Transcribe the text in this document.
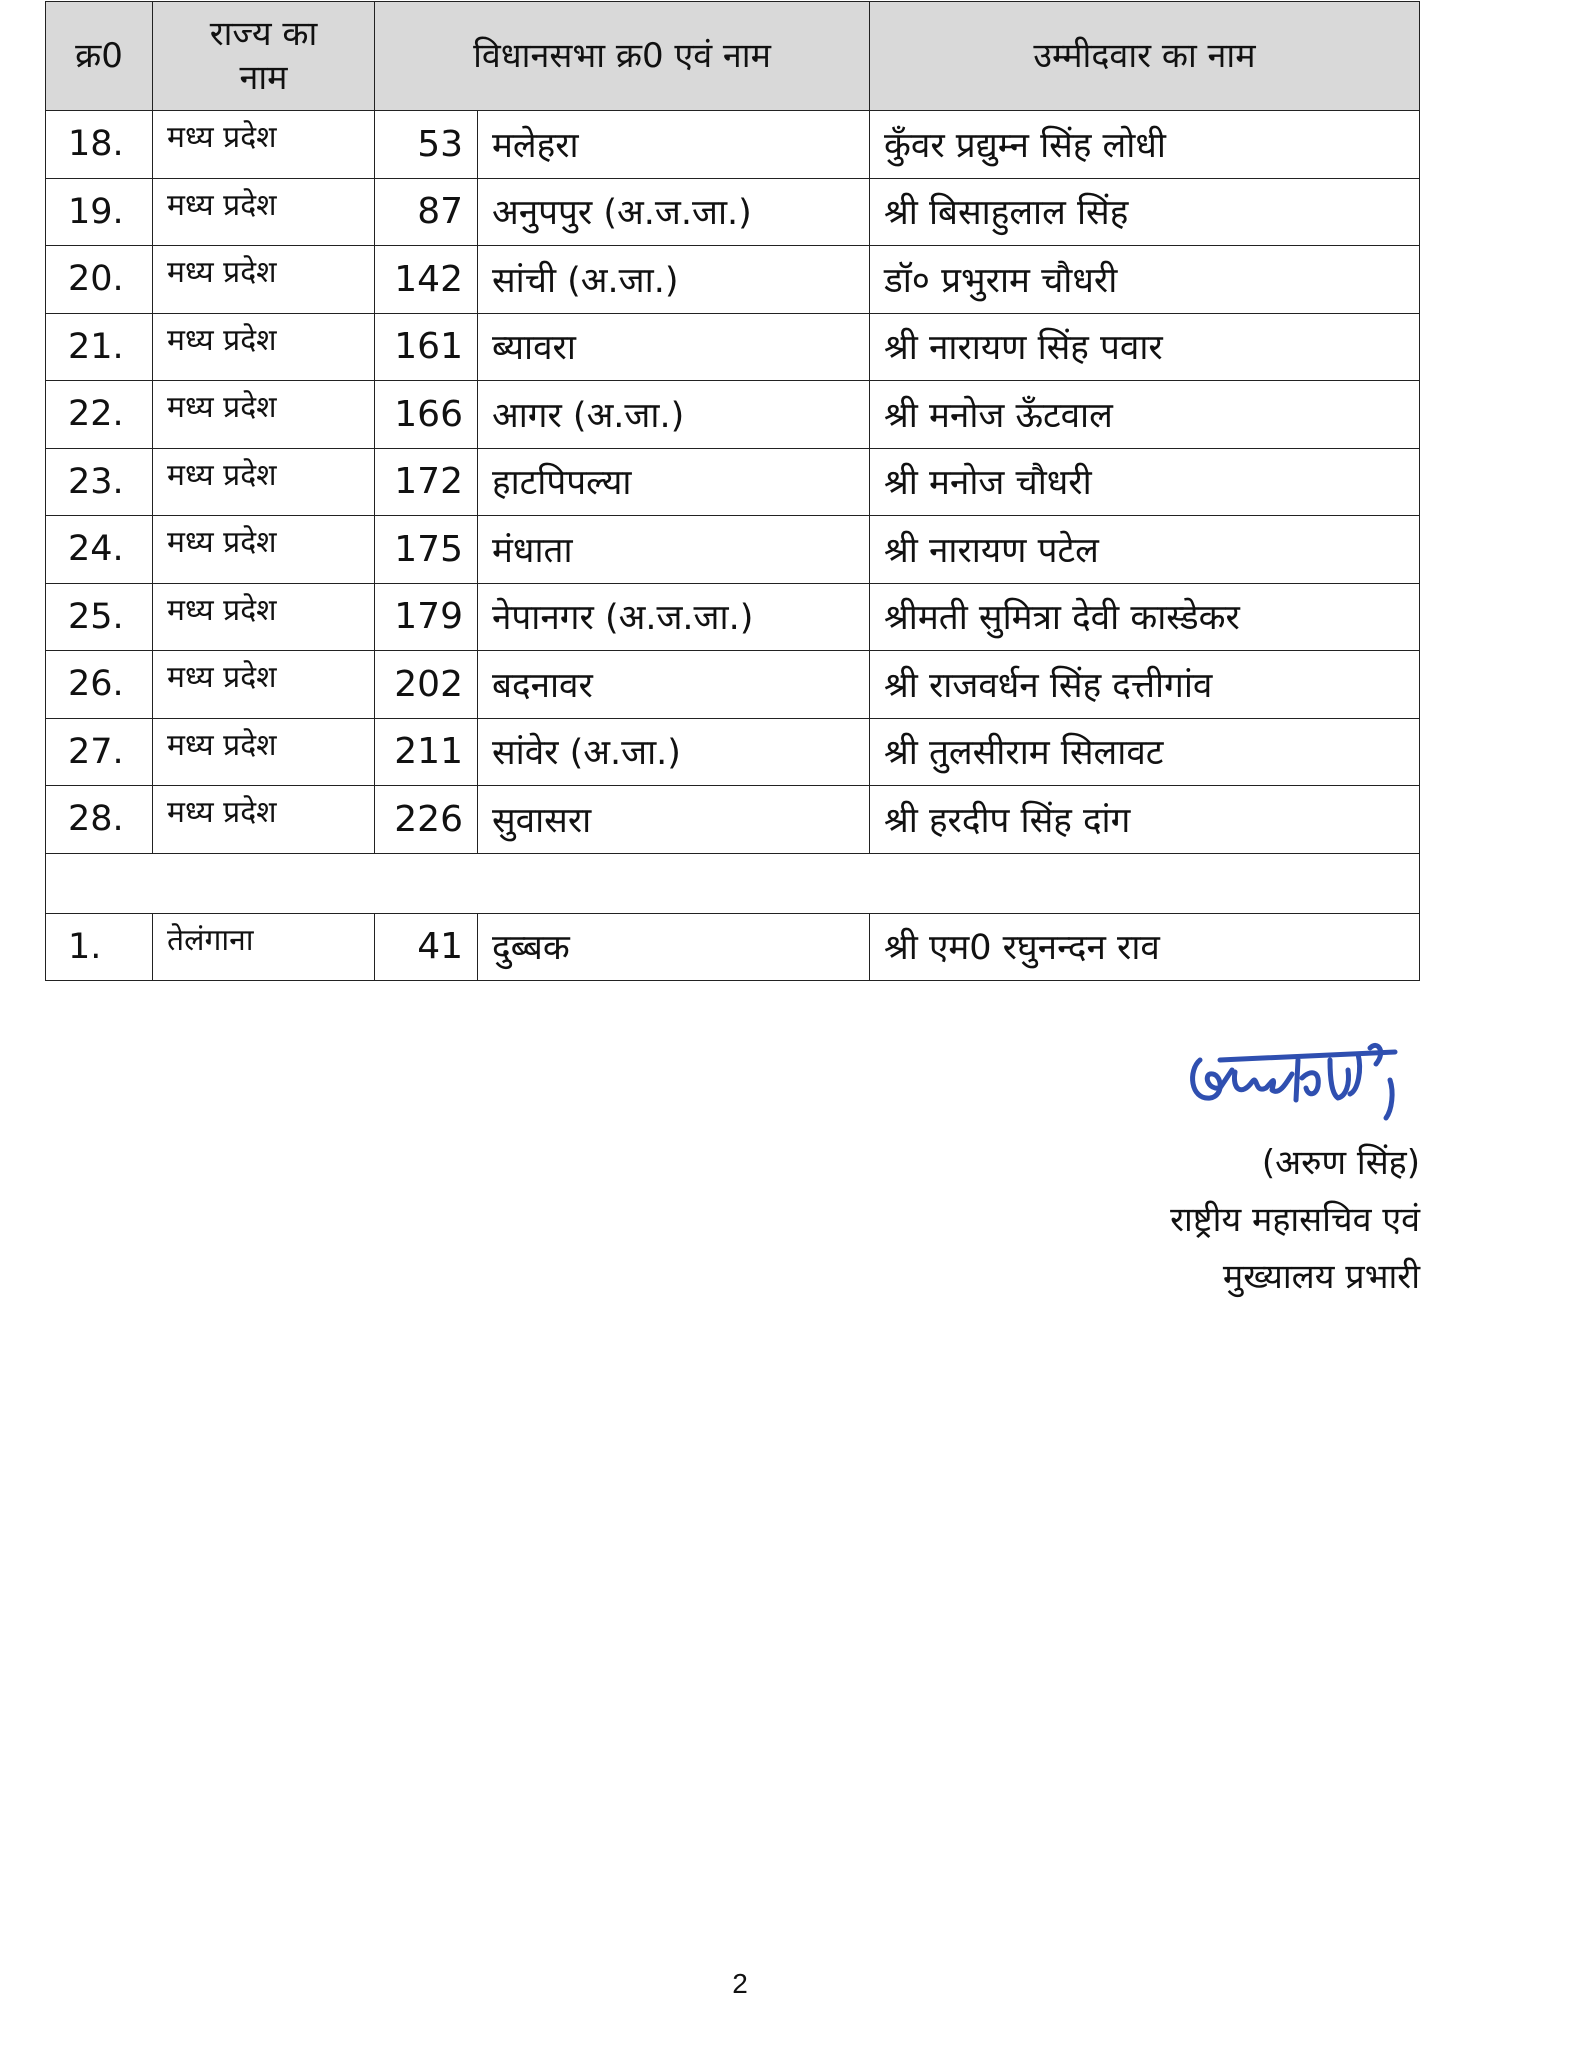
क्र0	राज्य का नाम	विधानसभा क्र0 एवं नाम		उम्मीदवार का नाम
18.	मध्य प्रदेश	53	मलेहरा	कुँवर प्रद्युम्न सिंह लोधी
19.	मध्य प्रदेश	87	अनुपपुर (अ.ज.जा.)	श्री बिसाहुलाल सिंह
20.	मध्य प्रदेश	142	सांची (अ.जा.)	डॉ० प्रभुराम चौधरी
21.	मध्य प्रदेश	161	ब्यावरा	श्री नारायण सिंह पवार
22.	मध्य प्रदेश	166	आगर (अ.जा.)	श्री मनोज ऊँटवाल
23.	मध्य प्रदेश	172	हाटपिपल्या	श्री मनोज चौधरी
24.	मध्य प्रदेश	175	मंधाता	श्री नारायण पटेल
25.	मध्य प्रदेश	179	नेपानगर (अ.ज.जा.)	श्रीमती सुमित्रा देवी कास्डेकर
26.	मध्य प्रदेश	202	बदनावर	श्री राजवर्धन सिंह दत्तीगांव
27.	मध्य प्रदेश	211	सांवेर (अ.जा.)	श्री तुलसीराम सिलावट
28.	मध्य प्रदेश	226	सुवासरा	श्री हरदीप सिंह दांग

1.	तेलंगाना	41	दुब्बक	श्री एम0 रघुनन्दन राव
(अरुण सिंह)
राष्ट्रीय महासचिव एवं
मुख्यालय प्रभारी
2
